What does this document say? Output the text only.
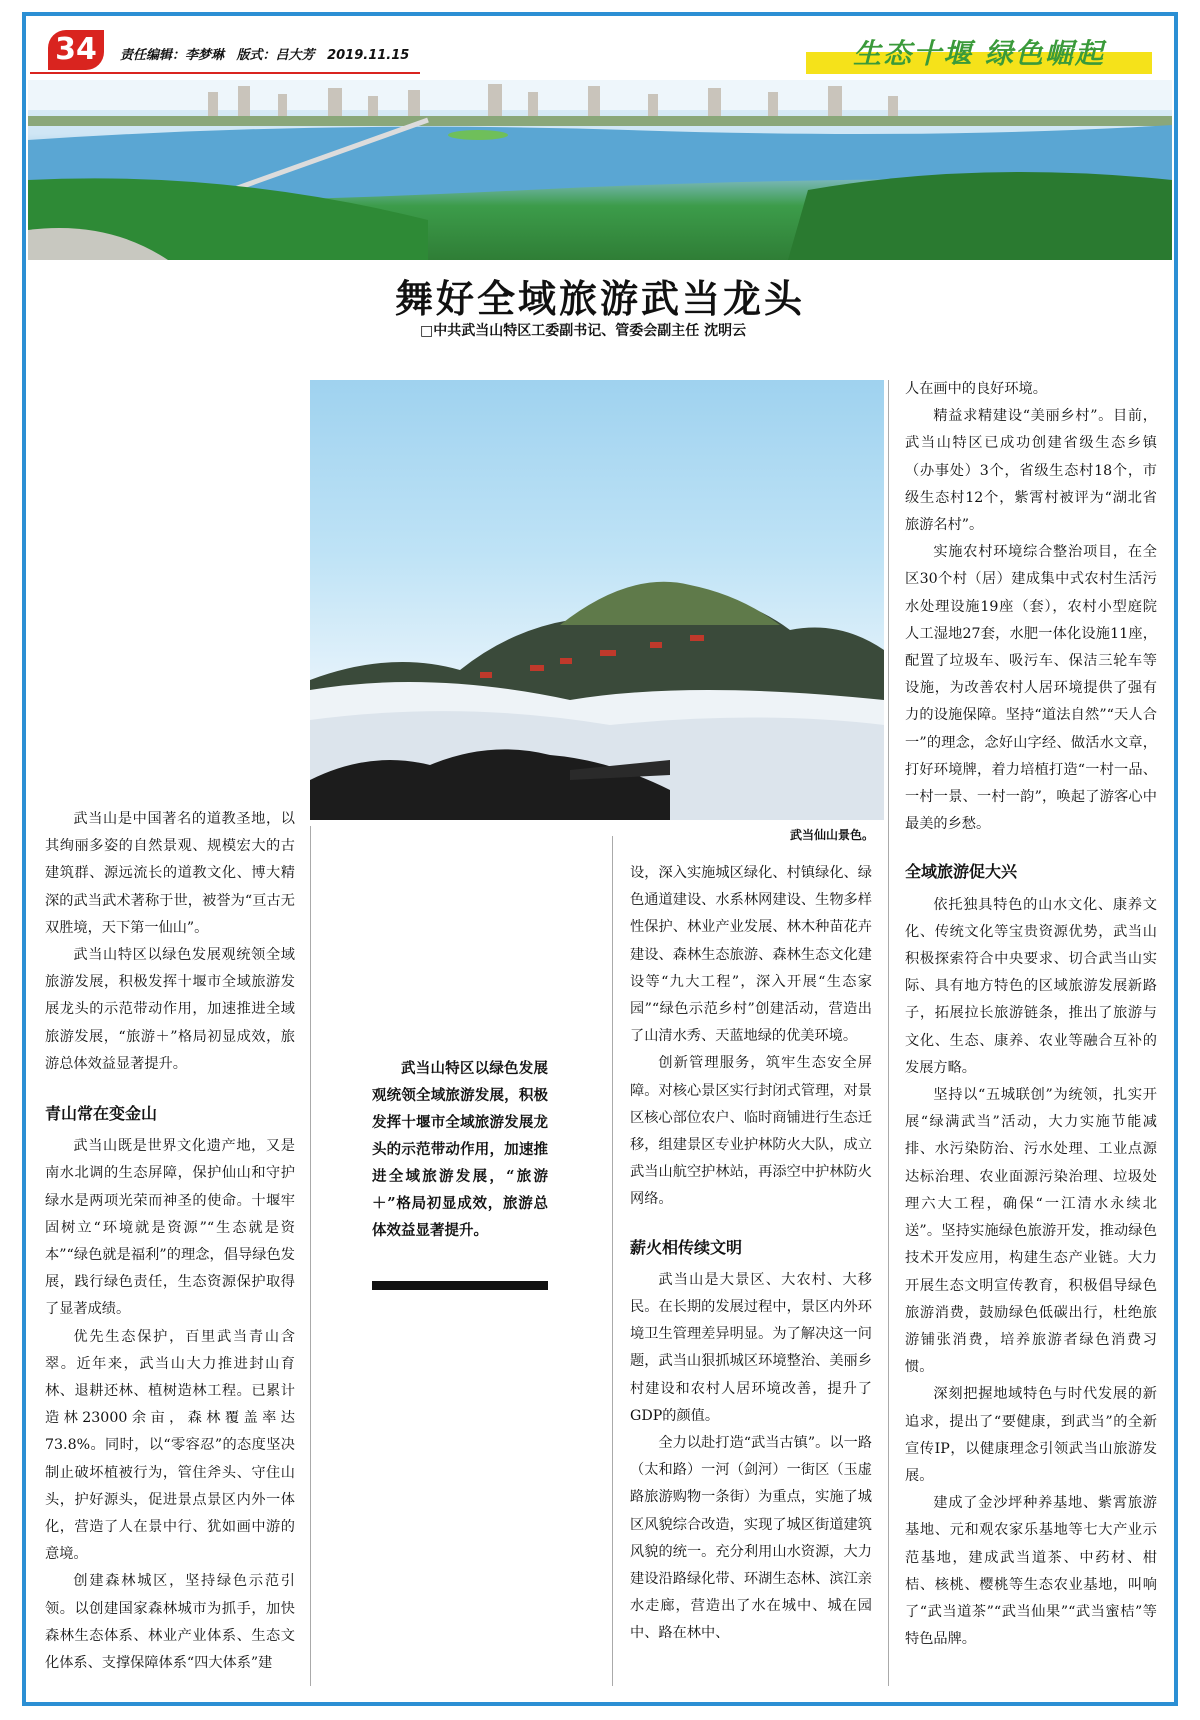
34	责任编辑：李梦琳 版式：吕大芳 2019.11.15	生态十堰 绿色崛起
舞好全域旅游武当龙头
□中共武当山特区工委副书记、管委会副主任 沈明云
武当仙山景色。

武当山是中国著名的道教圣地，以其绚丽多姿的自然景观、规模宏大的古建筑群、源远流长的道教文化、博大精深的武当武术著称于世，被誉为“亘古无双胜境，天下第一仙山”。

武当山特区以绿色发展观统领全域旅游发展，积极发挥十堰市全域旅游发展龙头的示范带动作用，加速推进全域旅游发展，“旅游＋”格局初显成效，旅游总体效益显著提升。

青山常在变金山

武当山既是世界文化遗产地，又是南水北调的生态屏障，保护仙山和守护绿水是两项光荣而神圣的使命。十堰牢固树立“环境就是资源”“生态就是资本”“绿色就是福利”的理念，倡导绿色发展，践行绿色责任，生态资源保护取得了显著成绩。

优先生态保护，百里武当青山含翠。近年来，武当山大力推进封山育林、退耕还林、植树造林工程。已累计造林23000余亩，森林覆盖率达73.8%。同时，以“零容忍”的态度坚决制止破坏植被行为，管住斧头、守住山头，护好源头，促进景点景区内外一体化，营造了人在景中行、犹如画中游的意境。

创建森林城区，坚持绿色示范引领。以创建国家森林城市为抓手，加快森林生态体系、林业产业体系、生态文化体系、支撑保障体系“四大体系”建

武当山特区以绿色发展观统领全域旅游发展，积极发挥十堰市全域旅游发展龙头的示范带动作用，加速推进全域旅游发展，“旅游＋”格局初显成效，旅游总体效益显著提升。

设，深入实施城区绿化、村镇绿化、绿色通道建设、水系林网建设、生物多样性保护、林业产业发展、林木种苗花卉建设、森林生态旅游、森林生态文化建设等“九大工程”，深入开展“生态家园”“绿色示范乡村”创建活动，营造出了山清水秀、天蓝地绿的优美环境。

创新管理服务，筑牢生态安全屏障。对核心景区实行封闭式管理，对景区核心部位农户、临时商铺进行生态迁移，组建景区专业护林防火大队，成立武当山航空护林站，再添空中护林防火网络。

薪火相传续文明

武当山是大景区、大农村、大移民。在长期的发展过程中，景区内外环境卫生管理差异明显。为了解决这一问题，武当山狠抓城区环境整治、美丽乡村建设和农村人居环境改善，提升了GDP的颜值。

全力以赴打造“武当古镇”。以一路（太和路）一河（剑河）一街区（玉虚路旅游购物一条街）为重点，实施了城区风貌综合改造，实现了城区街道建筑风貌的统一。充分利用山水资源，大力建设沿路绿化带、环湖生态林、滨江亲水走廊，营造出了水在城中、城在园中、路在林中、

人在画中的良好环境。

精益求精建设“美丽乡村”。目前，武当山特区已成功创建省级生态乡镇（办事处）3个，省级生态村18个，市级生态村12个，紫霄村被评为“湖北省旅游名村”。

实施农村环境综合整治项目，在全区30个村（居）建成集中式农村生活污水处理设施19座（套），农村小型庭院人工湿地27套，水肥一体化设施11座，配置了垃圾车、吸污车、保洁三轮车等设施，为改善农村人居环境提供了强有力的设施保障。坚持“道法自然”“天人合一”的理念，念好山字经、做活水文章，打好环境牌，着力培植打造“一村一品、一村一景、一村一韵”，唤起了游客心中最美的乡愁。

全域旅游促大兴

依托独具特色的山水文化、康养文化、传统文化等宝贵资源优势，武当山积极探索符合中央要求、切合武当山实际、具有地方特色的区域旅游发展新路子，拓展拉长旅游链条，推出了旅游与文化、生态、康养、农业等融合互补的发展方略。

坚持以“五城联创”为统领，扎实开展“绿满武当”活动，大力实施节能减排、水污染防治、污水处理、工业点源达标治理、农业面源污染治理、垃圾处理六大工程，确保“一江清水永续北送”。坚持实施绿色旅游开发，推动绿色技术开发应用，构建生态产业链。大力开展生态文明宣传教育，积极倡导绿色旅游消费，鼓励绿色低碳出行，杜绝旅游铺张消费，培养旅游者绿色消费习惯。

深刻把握地域特色与时代发展的新追求，提出了“要健康，到武当”的全新宣传IP，以健康理念引领武当山旅游发展。

建成了金沙坪种养基地、紫霄旅游基地、元和观农家乐基地等七大产业示范基地，建成武当道茶、中药材、柑桔、核桃、樱桃等生态农业基地，叫响了“武当道茶”“武当仙果”“武当蜜桔”等特色品牌。
